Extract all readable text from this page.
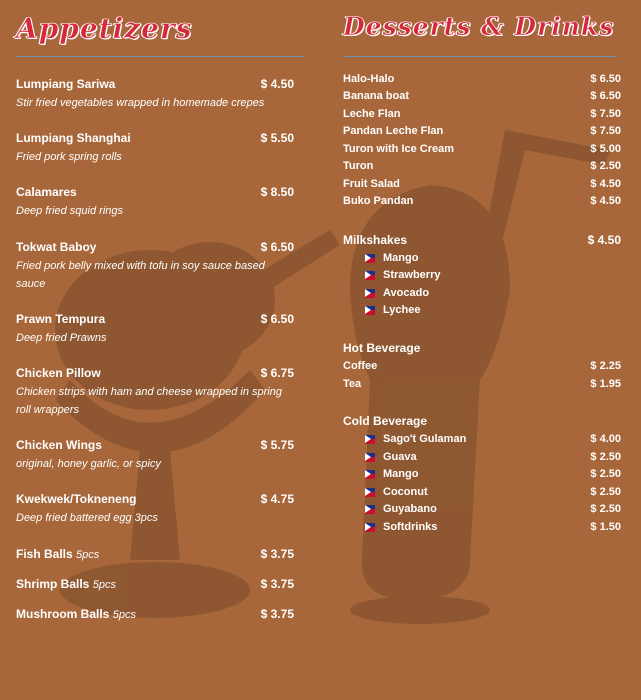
Appetizers
Lumpiang Sariwa	$ 4.50
Stir fried vegetables wrapped in homemade crepes
Lumpiang Shanghai	$ 5.50
Fried pork spring rolls
Calamares	$ 8.50
Deep fried squid rings
Tokwat Baboy	$ 6.50
Fried pork belly mixed with tofu in soy sauce based sauce
Prawn Tempura	$ 6.50
Deep fried Prawns
Chicken Pillow	$ 6.75
Chicken strips with ham and cheese wrapped in spring roll wrappers
Chicken Wings	$ 5.75
original, honey garlic, or spicy
Kwekwek/Tokneneng	$ 4.75
Deep fried battered egg 3pcs
Fish Balls 5pcs	$ 3.75
Shrimp Balls 5pcs	$ 3.75
Mushroom Balls 5pcs	$ 3.75
Desserts & Drinks
Halo-Halo	$ 6.50
Banana boat	$ 6.50
Leche Flan	$ 7.50
Pandan Leche Flan	$ 7.50
Turon with Ice Cream	$ 5.00
Turon	$ 2.50
Fruit Salad	$ 4.50
Buko Pandan	$ 4.50
Milkshakes	$ 4.50
Mango
Strawberry
Avocado
Lychee
Hot Beverage
Coffee	$ 2.25
Tea	$ 1.95
Cold Beverage
Sago't Gulaman	$ 4.00
Guava	$ 2.50
Mango	$ 2.50
Coconut	$ 2.50
Guyabano	$ 2.50
Softdrinks	$ 1.50
